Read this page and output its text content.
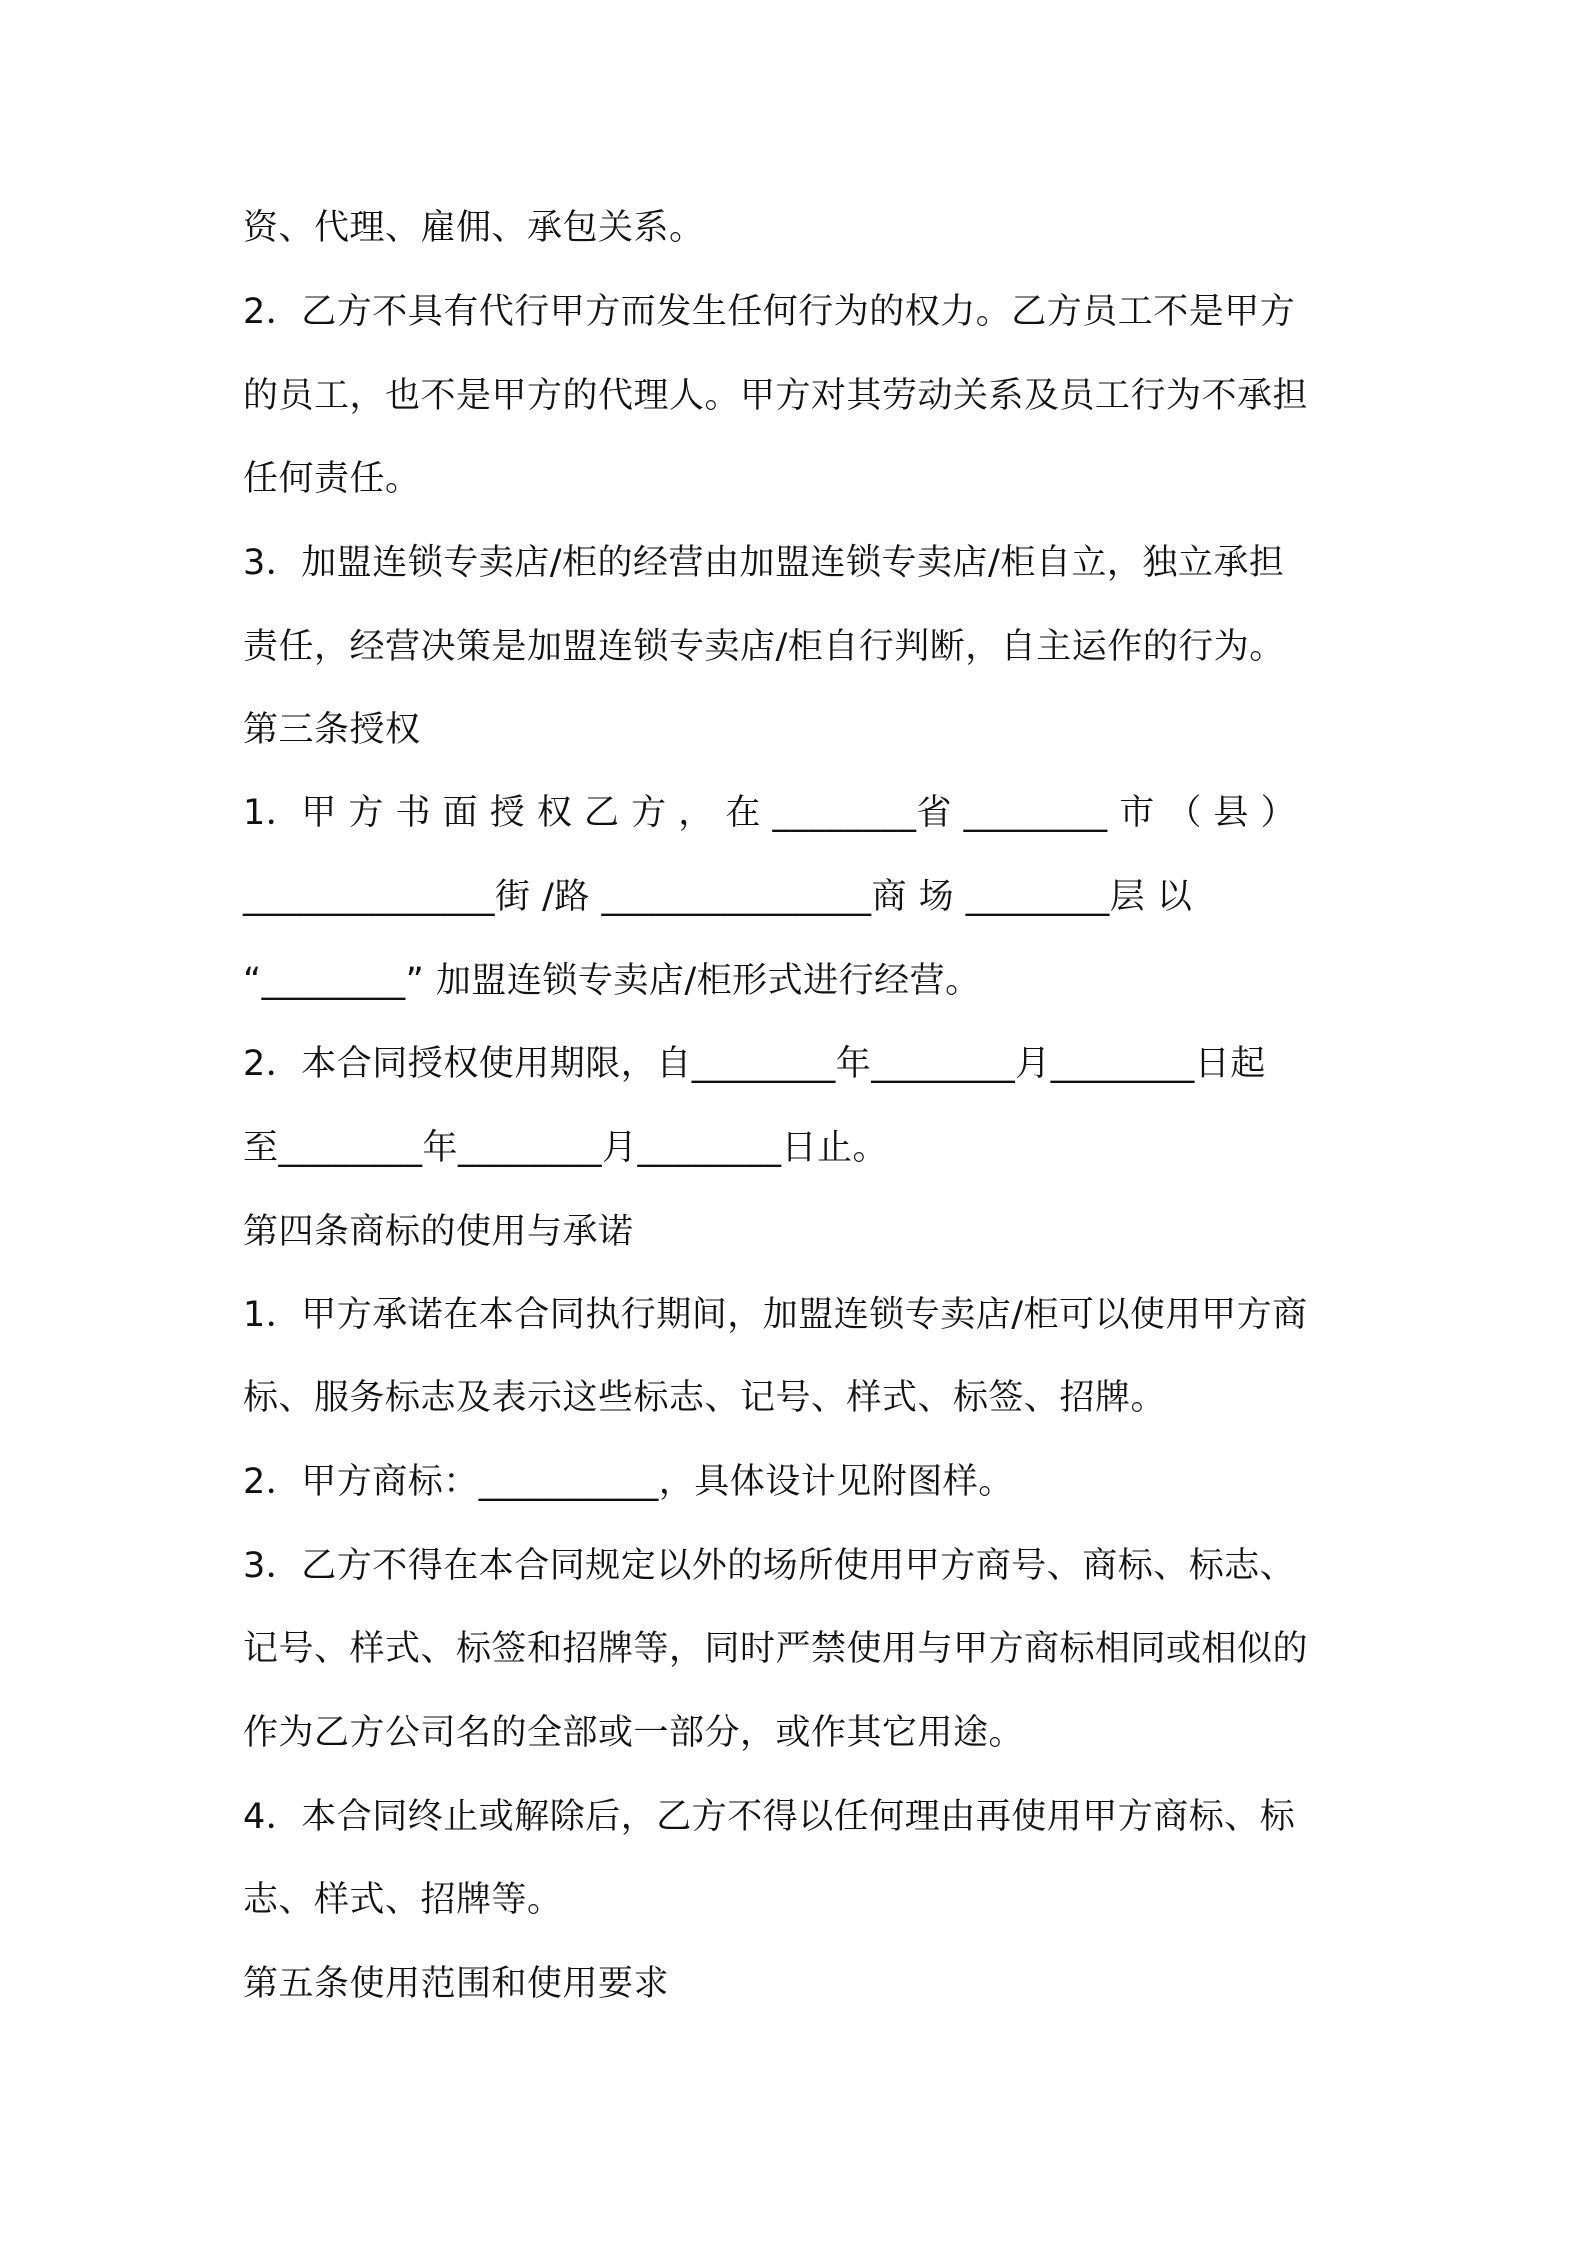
资、代理、雇佣、承包关系。
2．乙方不具有代行甲方而发生任何行为的权力。乙方员工不是甲方
的员工，也不是甲方的代理人。甲方对其劳动关系及员工行为不承担
任何责任。
3．加盟连锁专卖店/柜的经营由加盟连锁专卖店/柜自立，独立承担
责任，经营决策是加盟连锁专卖店/柜自行判断，自主运作的行为。
第三条授权
1．甲 方 书 面 授 权 乙 方 ， 在 ________省 ________ 市 （ 县 ）
______________街 /路 _______________商 场 ________层 以
“________” 加盟连锁专卖店/柜形式进行经营。
2．本合同授权使用期限，自________年________月________日起
至________年________月________日止。
第四条商标的使用与承诺
1．甲方承诺在本合同执行期间，加盟连锁专卖店/柜可以使用甲方商
标、服务标志及表示这些标志、记号、样式、标签、招牌。
2．甲方商标：__________，具体设计见附图样。
3．乙方不得在本合同规定以外的场所使用甲方商号、商标、标志、
记号、样式、标签和招牌等，同时严禁使用与甲方商标相同或相似的
作为乙方公司名的全部或一部分，或作其它用途。
4．本合同终止或解除后，乙方不得以任何理由再使用甲方商标、标
志、样式、招牌等。
第五条使用范围和使用要求
